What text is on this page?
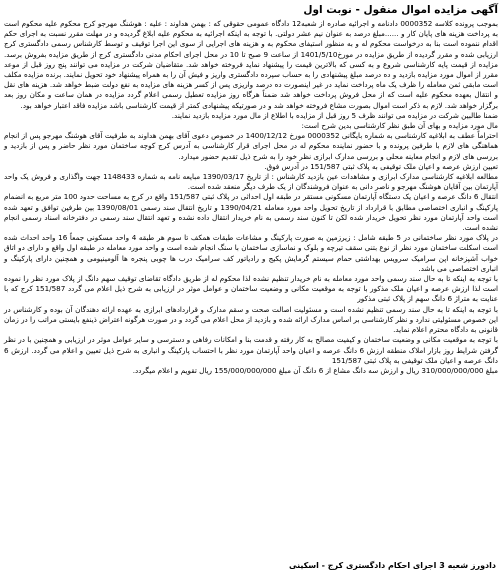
آگهی مزایده اموال منقول - نوبت اول

بموجب پرونده کلاسه 0000352 دادنامه و اجرائیه صادره از شعبه12 دادگاه عمومی حقوقی که : بهمن هداوند : علیه : هوشنگ مهرجو کرج محکوم علیه محکوم است به پرداخت هزینه های پایان کار و ......مبلغ درصد به عنوان نیم عشر دولتی. با توجه به اینکه اجرائیه به محکوم علیه ابلاغ گردیده و در مهلت مقرر نسبت به اجرای حکم اقدام ننموده است بنا به درخواست محکوم له و به منظور استیفای محکوم به و هزینه های اجرایی از سوی این اجرا توقیف و توسط کارشناس رسمی دادگستری کرج ارزیابی شده و مقرر گردیده از طریق مزایده در مورخ1401/5/10 از ساعت 9 صبح تا 10 در محل اجرای احکام مدنی دادگستری کرج از طریق مزایده بفروش برسد. مزایده از قیمت پایه کارشناسی شروع و به کسی که بالاترین قیمت را پیشنهاد نماید فروخته خواهد شد. متقاضیان شرکت در مزایده می توانند پنج روز قبل از موعد مقرر از اموال مورد مزایده بازدید و ده درصد مبلغ پیشنهادی را به حساب سپرده دادگستری واریز و فیش آن را به همراه پیشنهاد خود تحویل نمایند. برنده مزایده مکلف است مابقی ثمن معامله را ظرف یک ماه پرداخت نماید در غیر اینصورت ده درصد واریزی پس از کسر هزینه های مزایده به نفع دولت ضبط خواهد شد. هزینه های نقل و انتقال بعهده محکوم علیه است که از محل فروش پرداخت خواهد شد ضمناً هرگاه روز مزایده تعطیل رسمی اعلام گردد مزایده در همان ساعت و مکان روز بعد برگزار خواهد شد. لازم به ذکر است اموال بصورت مشاع فروخته خواهد شد و در صورتیکه پیشنهادی کمتر از قیمت کارشناسی باشد مزایده فاقد اعتبار خواهد بود.

ضمنا طالبین شرکت در مزایده می توانند ظرف 5 روز قبل از مزایده با اطلاع از مال مورد مزایده بازدید نمایند.

مال مورد مزایده و بهای آن طبق نظر کارشناسی بدین شرح است:

احتراماً عطف به ابلاغیه کارشناسی به شماره بایگانی 0000352 مورخ 1400/12/12 در خصوص دعوی آقای بهمن هداوند به طرفیت آقای هوشنگ مهرجو پس از انجام هماهنگی های لازم با طرفین پرونده و با حضور نماینده محکوم له در محل اجرای قرار کارشناسی به آدرس کرج کوچه ساختمان مورد نظر حاضر و پس از بازدید و بررسی های لازم و انجام معاینه محلی و بررسی مدارک ابرازی نظر خود را به شرح ذیل تقدیم حضور میدارد.

تعیین ارزش عرصه و اعیان ملک توقیفی به پلاک ثبتی 151/587 در آدرس فوق.

مطالعه ابلاغیه کارشناسی مدارک ابرازی و مشاهدات عین بازدید کارشناس : از تاریخ 1390/03/17 مبایعه نامه به شماره 1148433 جهت واگذاری و فروش یک واحد آپارتمان بین آقایان هوشنگ مهرجو و ناصر دانی به عنوان فروشندگان از یک طرف دیگر منعقد شده است.

انتقال 6 دانگ عرصه و اعیان یک دستگاه آپارتمان مسکونی مستقر در طبقه اول احداثی در پلاک ثبتی 151/587 واقع در کرج به مساحت حدود 100 متر مربع به انضمام پارکینگ و انباری اختصاصی مطابق با قرارداد از تاریخ تحویل واحد مورد معامله 1390/04/21 و تاریخ انتقال سند رسمی 1390/08/01 بین طرفین توافق و تعهد شده است واحد آپارتمان مورد نظر تحویل خریدار شده لکن تا کنون سند رسمی به نام خریدار انتقال داده نشده و تعهد انتقال سند رسمی در دفترخانه اسناد رسمی انجام نشده است.

در پلاک مورد نظر ساختمانی در 5 طبقه شامل : زیرزمین به صورت پارکینگ و مشاعات طبقات همکف تا سوم هر طبقه 4 واحد مسکونی جمعاً 16 واحد احداث شده است اسکلت ساختمان مورد نظر از نوع بتنی سقف تیرچه و بلوک و نماسازی ساختمان با سنگ انجام شده است و واحد مورد معامله در طبقه اول واقع و دارای دو اتاق خواب آشپزخانه اپن سرامیک سرویس بهداشتی حمام سیستم گرمایش پکیج و رادیاتور کف سرامیک درب ها چوبی پنجره ها آلومینیومی و همچنین دارای پارکینگ و انباری اختصاصی می باشد.

با توجه به اینکه تا به حال سند رسمی واحد مورد معامله به نام خریدار تنظیم نشده لذا محکوم له از طریق دادگاه تقاضای توقیف سهم دانگ از پلاک مورد نظر را نموده است لذا ارزش عرصه و اعیان ملک مذکور با توجه به موقعیت مکانی و وضعیت ساختمان و عوامل موثر در ارزیابی به شرح ذیل اعلام می گردد 151/587 کرج که با عنایت به متراژ 6 دانگ سهم از پلاک ثبتی مذکور

با توجه به اینکه تا به حال سند رسمی تنظیم نشده است و مسئولیت اصالت صحت و سقم مدارک و قراردادهای ابرازی به عهده ارائه دهندگان آن بوده و کارشناس در این خصوص مسئولیتی ندارد و نظر کارشناسی بر اساس مدارک ارائه شده و بازدید از محل اعلام می گردد و در صورت هرگونه اعتراض ذینفع بایستی مراتب را در زمان قانونی به دادگاه محترم اعلام نماید.

با توجه به موقعیت مکانی و وضعیت ساختمان و کیفیت مصالح به کار رفته و قدمت بنا و امکانات رفاهی و دسترسی و سایر عوامل موثر در ارزیابی و همچنین با در نظر گرفتن شرایط روز بازار املاک منطقه ارزش 6 دانگ عرصه و اعیان واحد آپارتمان مورد نظر با احتساب پارکینگ و انباری به شرح ذیل تعیین و اعلام می گردد. ارزش 6 دانگ عرصه و اعیان ملک توقیفی به پلاک ثبتی 151/587

مبلغ 310/000/000/000 ریال و ارزش سه دانگ مشاع از 6 دانگ آن مبلغ 155/000/000/000 ریال تقویم و اعلام میگردد.

دادورز شعبه 3 اجرای احکام دادگستری کرج - اسکینی
